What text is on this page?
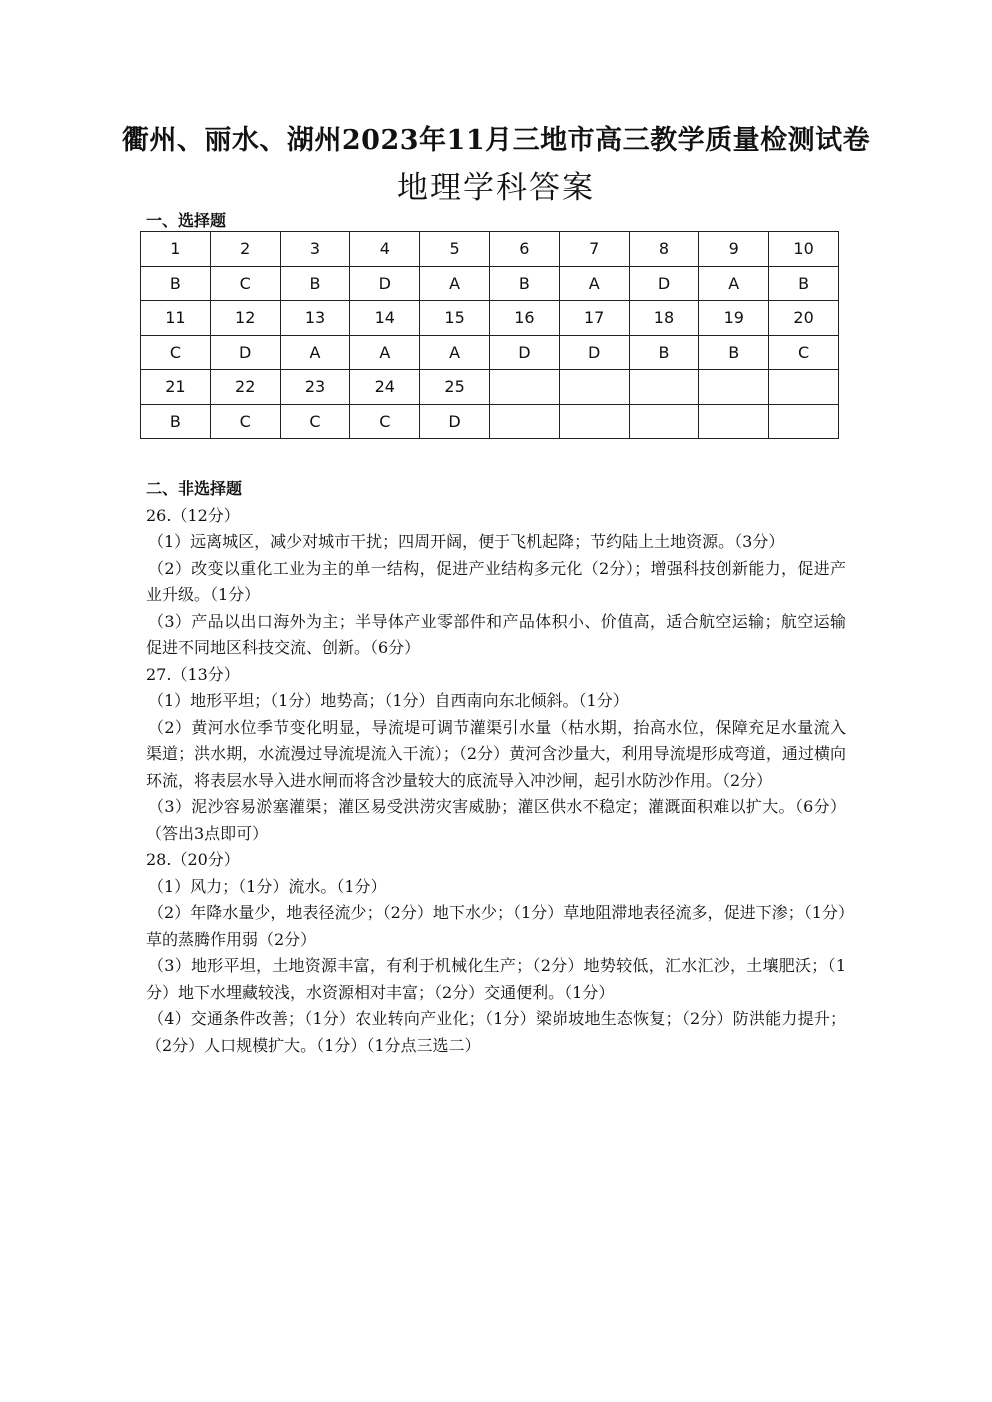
衢州、丽水、湖州2023年11月三地市高三教学质量检测试卷
地理学科答案
一、选择题
1	2	3	4	5	6	7	8	9	10
B	C	B	D	A	B	A	D	A	B
11	12	13	14	15	16	17	18	19	20
C	D	A	A	A	D	D	B	B	C
21	22	23	24	25					
B	C	C	C	D					

二、非选择题

26.（12分）

（1）远离城区，减少对城市干扰；四周开阔，便于飞机起降；节约陆上土地资源。（3分）

（2）改变以重化工业为主的单一结构，促进产业结构多元化（2分）；增强科技创新能力，促进产业升级。（1分）

（3）产品以出口海外为主；半导体产业零部件和产品体积小、价值高，适合航空运输；航空运输促进不同地区科技交流、创新。（6分）

27.（13分）

（1）地形平坦；（1分）地势高；（1分）自西南向东北倾斜。（1分）

（2）黄河水位季节变化明显，导流堤可调节灌渠引水量（枯水期，抬高水位，保障充足水量流入渠道；洪水期，水流漫过导流堤流入干流）；（2分）黄河含沙量大，利用导流堤形成弯道，通过横向环流，将表层水导入进水闸而将含沙量较大的底流导入冲沙闸，起引水防沙作用。（2分）

（3）泥沙容易淤塞灌渠；灌区易受洪涝灾害威胁；灌区供水不稳定；灌溉面积难以扩大。（6分）（答出3点即可）

28.（20分）

（1）风力；（1分）流水。（1分）

（2）年降水量少，地表径流少；（2分）地下水少；（1分）草地阻滞地表径流多，促进下渗；（1分）草的蒸腾作用弱（2分）

（3）地形平坦，土地资源丰富，有利于机械化生产；（2分）地势较低，汇水汇沙，土壤肥沃；（1分）地下水埋藏较浅，水资源相对丰富；（2分）交通便利。（1分）

（4）交通条件改善；（1分）农业转向产业化；（1分）梁峁坡地生态恢复；（2分）防洪能力提升；（2分）人口规模扩大。（1分）（1分点三选二）
